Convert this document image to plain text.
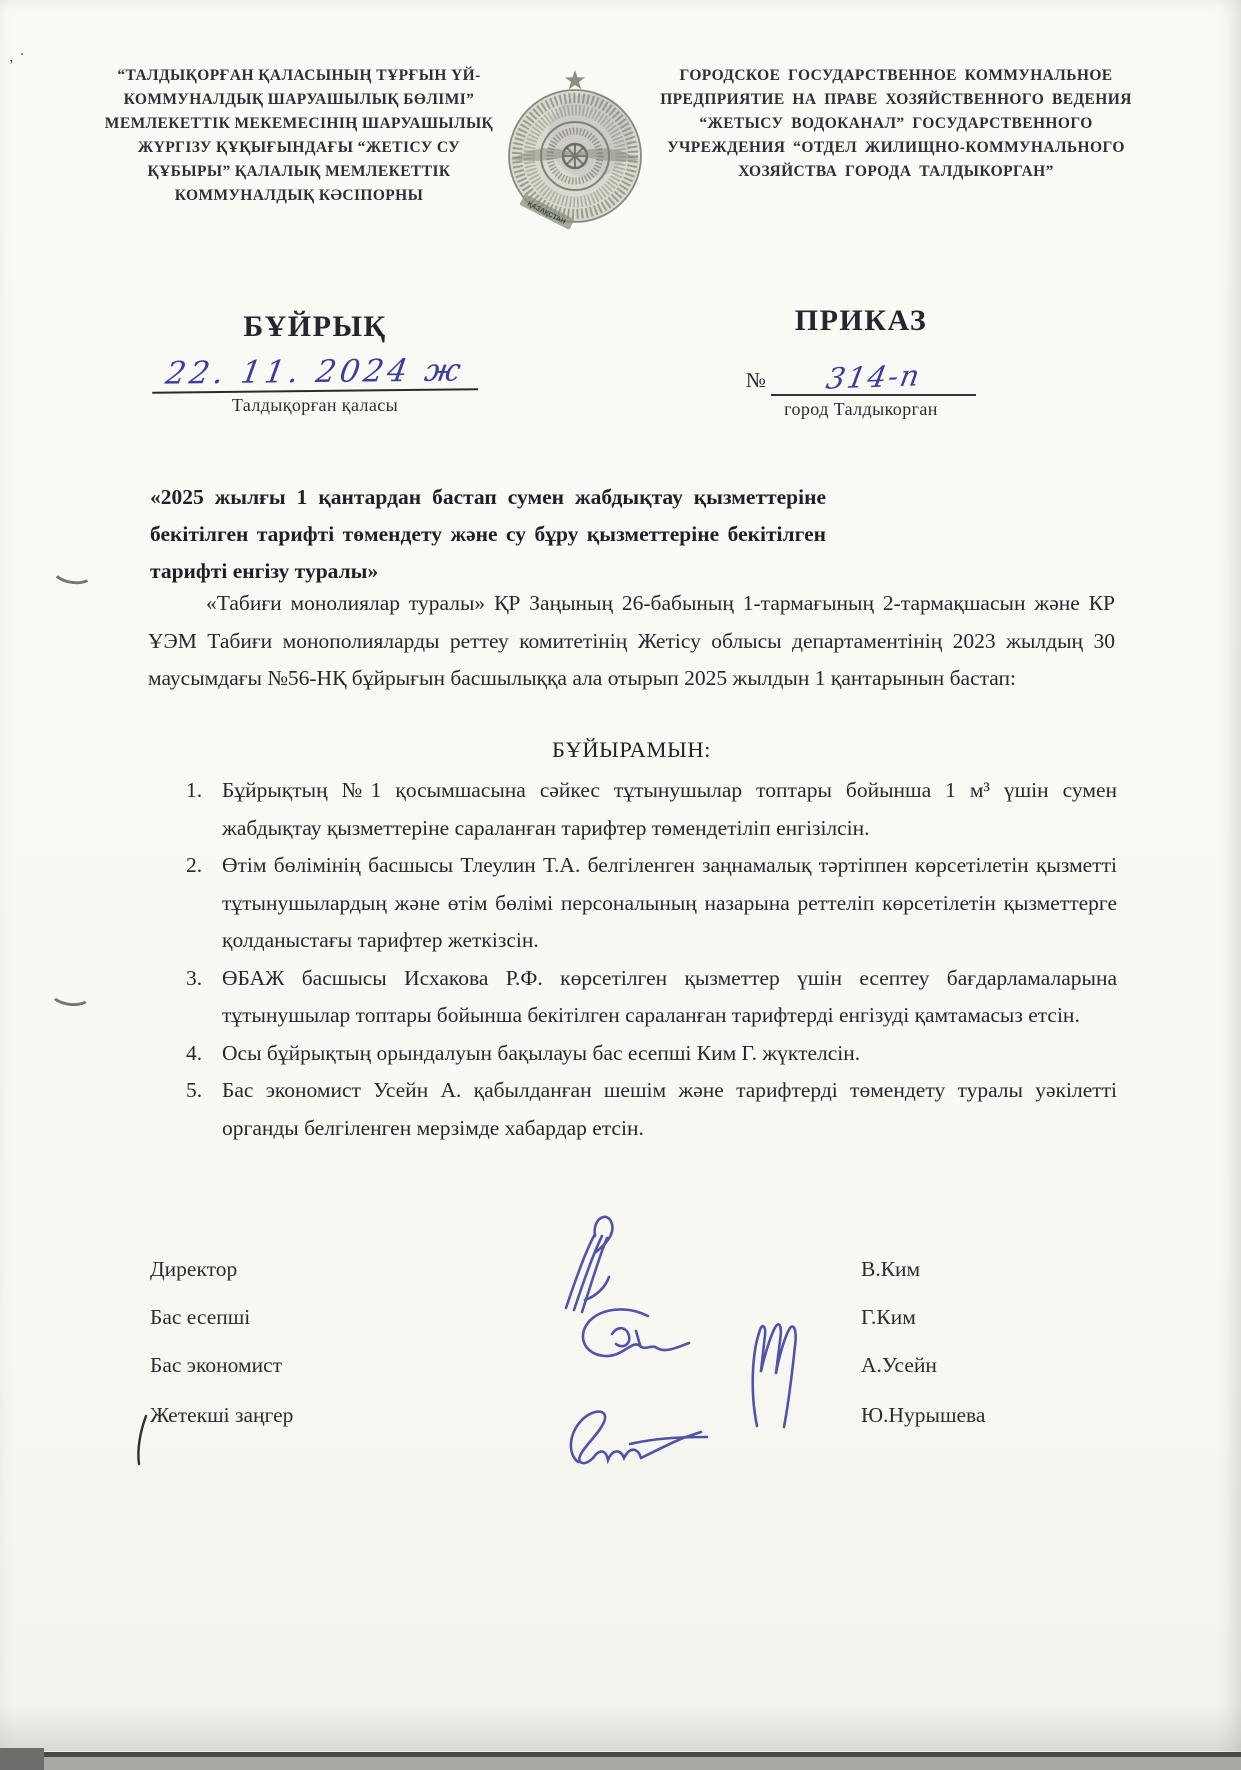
‚ ·
“ТАЛДЫҚОРҒАН ҚАЛАСЫНЫҢ ТҰРҒЫН ҮЙ-КОММУНАЛДЫҚ ШАРУАШЫЛЫҚ БӨЛІМІ” МЕМЛЕКЕТТІК МЕКЕМЕСІНІҢ ШАРУАШЫЛЫҚ ЖҮРГІЗУ ҚҰҚЫҒЫНДАҒЫ “ЖЕТІСУ СУ ҚҰБЫРЫ” ҚАЛАЛЫҚ МЕМЛЕКЕТТІК КОММУНАЛДЫҚ КӘСІПОРНЫ
ҚАЗАҚСТАН
ГОРОДСКОЕ ГОСУДАРСТВЕННОЕ КОММУНАЛЬНОЕ ПРЕДПРИЯТИЕ НА ПРАВЕ ХОЗЯЙСТВЕННОГО ВЕДЕНИЯ “ЖЕТЫСУ ВОДОКАНАЛ” ГОСУДАРСТВЕННОГО УЧРЕЖДЕНИЯ “ОТДЕЛ ЖИЛИЩНО-КОММУНАЛЬНОГО ХОЗЯЙСТВА ГОРОДА ТАЛДЫКОРГАН”
БҰЙРЫҚ
22. 11. 2024 ж
Талдықорған қаласы
ПРИКАЗ
№ 314-п
город Талдыкорган
«2025 жылғы 1 қантардан бастап сумен жабдықтау қызметтеріне бекітілген тарифті төмендету және су бұру қызметтеріне бекітілген тарифті енгізу туралы»

«Табиғи монолиялар туралы» ҚР Заңының 26-бабының 1-тармағының 2-тармақшасын және КР ҰЭМ Табиғи монополияларды реттеу комитетінің Жетісу облысы департаментінің 2023 жылдың 30 маусымдағы №56-НҚ бұйрығын басшылыққа ала отырып 2025 жылдын 1 қантарынын бастап:

БҰЙЫРАМЫН:
Бұйрықтың №1 қосымшасына сәйкес тұтынушылар топтары бойынша 1 м³ үшін сумен жабдықтау қызметтеріне сараланған тарифтер төмендетіліп енгізілсін.
Өтім бөлімінің басшысы Тлеулин Т.А. белгіленген заңнамалық тәртіппен көрсетілетін қызметті тұтынушылардың және өтім бөлімі персоналының назарына реттеліп көрсетілетін қызметтерге қолданыстағы тарифтер жеткізсін.
ӨБАЖ басшысы Исхакова Р.Ф. көрсетілген қызметтер үшін есептеу бағдарламаларына тұтынушылар топтары бойынша бекітілген сараланған тарифтерді енгізуді қамтамасыз етсін.
Осы бұйрықтың орындалуын бақылауы бас есепші Ким Г. жүктелсін.
Бас экономист Усейн А. қабылданған шешім және тарифтерді төмендету туралы уәкілетті органды белгіленген мерзімде хабардар етсін.
Директор	В.Ким
Бас есепші	Г.Ким
Бас экономист	А.Усейн
Жетекші заңгер	Ю.Нурышева
